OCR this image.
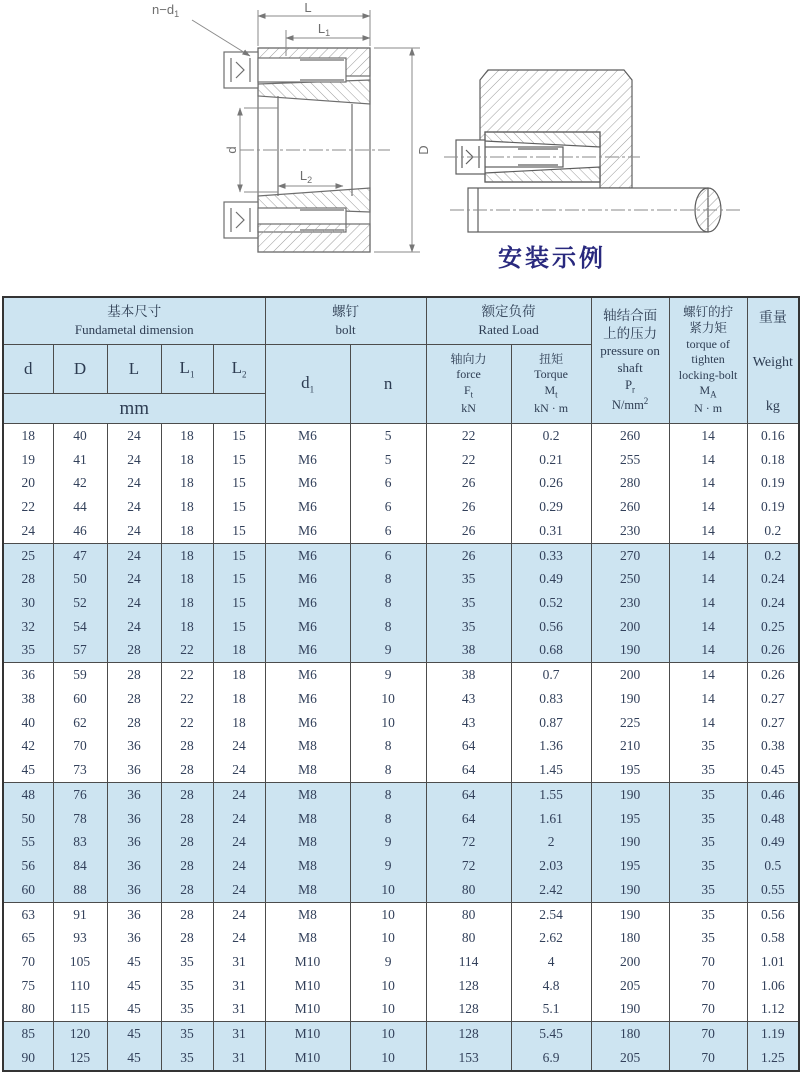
L
$L_1$
$L_2$
d	D
$n-d_1$
安装示例
基本尺寸
Fundametal dimension

螺钉
bolt

额定负荷
Rated Load

轴结合面上的压力
pressure on shaft
$P_r$
$N/mm^2$

螺钉的拧紧力矩
torque of tighten locking-bolt
$M_A$
N · m

重量
Weight
kg

d	D	L	$L_1$	$L_2$	$d_1$	n	
轴向力
force
$F_t$
kN

扭矩
Torque
$M_t$
kN · m

mm											
18	40	24	18	15	M6	5	22	0.2	260	14	0.16
19	41	24	18	15	M6	5	22	0.21	255	14	0.18
20	42	24	18	15	M6	6	26	0.26	280	14	0.19
22	44	24	18	15	M6	6	26	0.29	260	14	0.19
24	46	24	18	15	M6	6	26	0.31	230	14	0.2
25	47	24	18	15	M6	6	26	0.33	270	14	0.2
28	50	24	18	15	M6	8	35	0.49	250	14	0.24
30	52	24	18	15	M6	8	35	0.52	230	14	0.24
32	54	24	18	15	M6	8	35	0.56	200	14	0.25
35	57	28	22	18	M6	9	38	0.68	190	14	0.26
36	59	28	22	18	M6	9	38	0.7	200	14	0.26
38	60	28	22	18	M6	10	43	0.83	190	14	0.27
40	62	28	22	18	M6	10	43	0.87	225	14	0.27
42	70	36	28	24	M8	8	64	1.36	210	35	0.38
45	73	36	28	24	M8	8	64	1.45	195	35	0.45
48	76	36	28	24	M8	8	64	1.55	190	35	0.46
50	78	36	28	24	M8	8	64	1.61	195	35	0.48
55	83	36	28	24	M8	9	72	2	190	35	0.49
56	84	36	28	24	M8	9	72	2.03	195	35	0.5
60	88	36	28	24	M8	10	80	2.42	190	35	0.55
63	91	36	28	24	M8	10	80	2.54	190	35	0.56
65	93	36	28	24	M8	10	80	2.62	180	35	0.58
70	105	45	35	31	M10	9	114	4	200	70	1.01
75	110	45	35	31	M10	10	128	4.8	205	70	1.06
80	115	45	35	31	M10	10	128	5.1	190	70	1.12
85	120	45	35	31	M10	10	128	5.45	180	70	1.19
90	125	45	35	31	M10	10	153	6.9	205	70	1.25
